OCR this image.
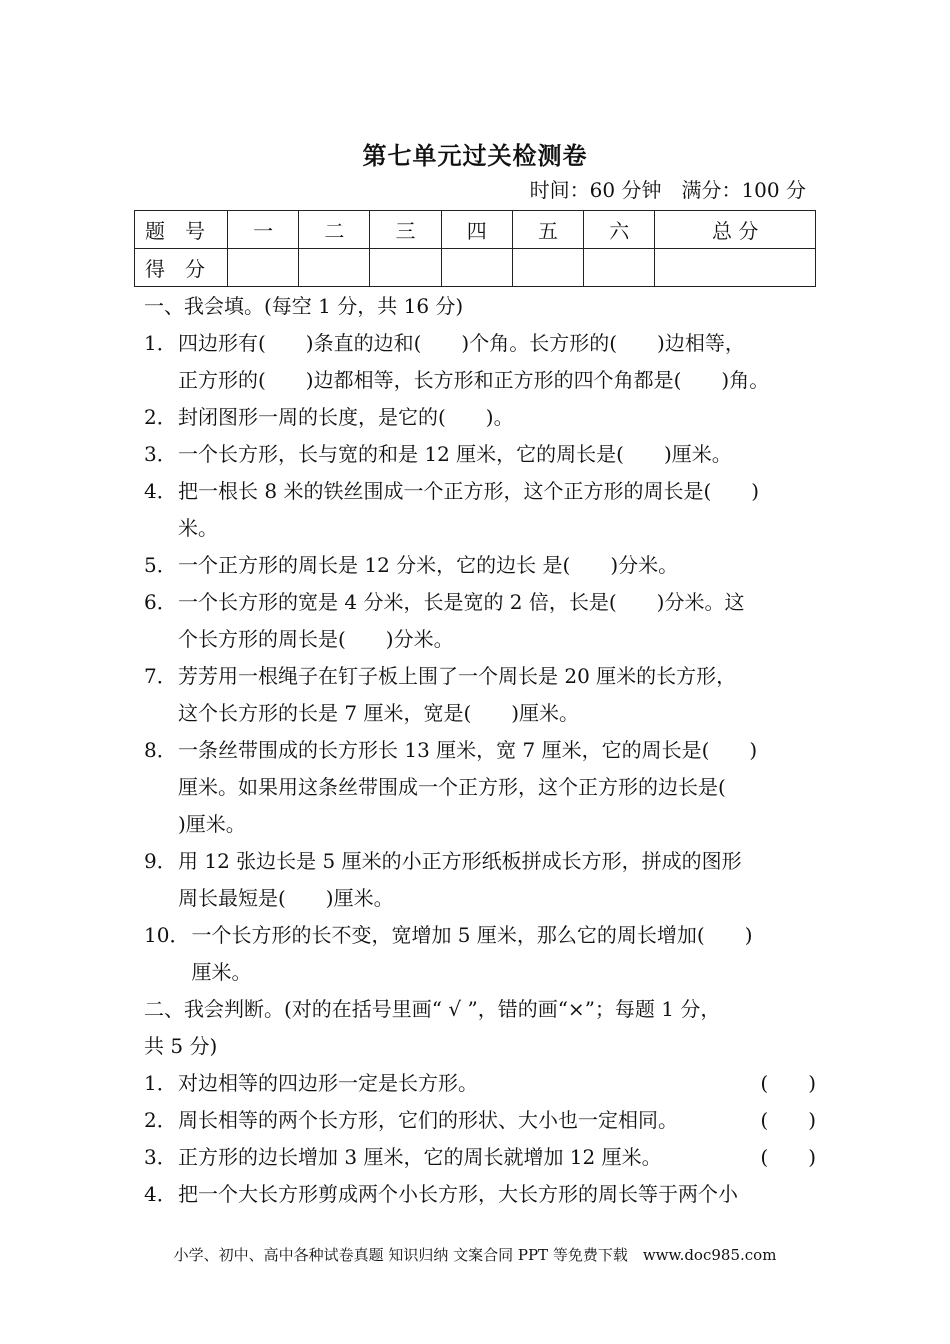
第七单元过关检测卷
时间：60 分钟　满分：100 分
题　号	一	二	三	四	五	六	总 分
得　分							
一、我会填。(每空 1 分，共 16 分)
1． 四边形有(　　)条直的边和(　　)个角。长方形的(　　)边相等，
正方形的(　　)边都相等，长方形和正方形的四个角都是(　　)角。
2． 封闭图形一周的长度，是它的(　　)。
3． 一个长方形，长与宽的和是 12 厘米，它的周长是(　　)厘米。
4． 把一根长 8 米的铁丝围成一个正方形，这个正方形的周长是(　　)
米。
5． 一个正方形的周长是 12 分米，它的边长 是(　　)分米。
6． 一个长方形的宽是 4 分米，长是宽的 2 倍，长是(　　)分米。这
个长方形的周长是(　　)分米。
7． 芳芳用一根绳子在钉子板上围了一个周长是 20 厘米的长方形，
这个长方形的长是 7 厘米，宽是(　　)厘米。
8． 一条丝带围成的长方形长 13 厘米，宽 7 厘米，它的周长是(　　)
厘米。如果用这条丝带围成一个正方形，这个正方形的边长是(
)厘米。
9． 用 12 张边长是 5 厘米的小正方形纸板拼成长方形，拼成的图形
周长最短是(　　)厘米。
10． 一个长方形的长不变，宽增加 5 厘米，那么它的周长增加(　　)
厘米。
二、我会判断。(对的在括号里画“ √ ”，错的画“×”；每题 1 分，
共 5 分)
1． 对边相等的四边形一定是长方形。	(　　)
2． 周长相等的两个长方形，它们的形状、大小也一定相同。	(　　)
3． 正方形的边长增加 3 厘米，它的周长就增加 12 厘米。	(　　)
4． 把一个大长方形剪成两个小长方形，大长方形的周长等于两个小
小学、初中、高中各种试卷真题 知识归纳 文案合同 PPT 等免费下载　www.doc985.com
